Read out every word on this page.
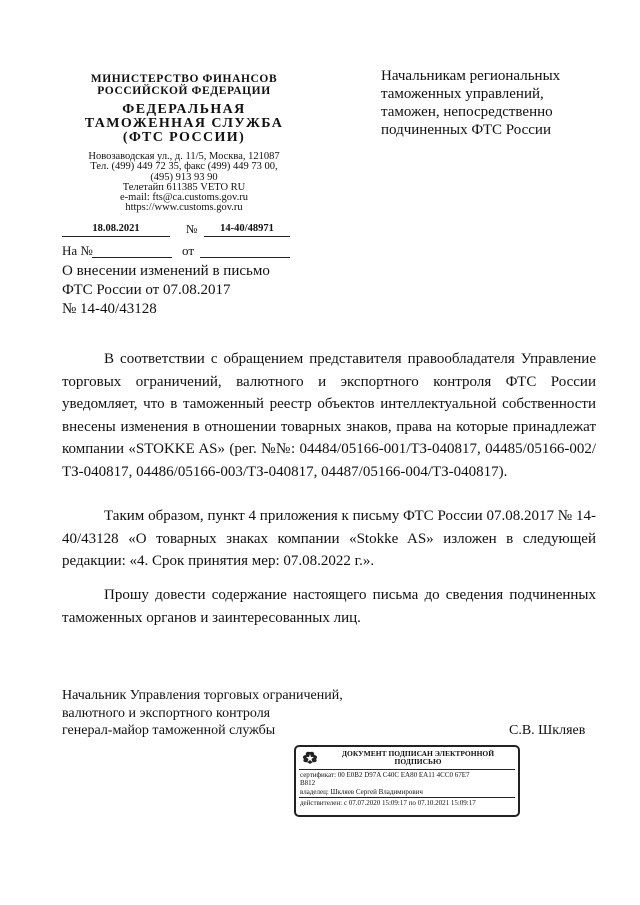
МИНИСТЕРСТВО ФИНАНСОВ
РОССИЙСКОЙ ФЕДЕРАЦИИ
ФЕДЕРАЛЬНАЯ
ТАМОЖЕННАЯ СЛУЖБА
(ФТС РОССИИ)
Новозаводская ул., д. 11/5, Москва, 121087
Тел. (499) 449 72 35, факс (499) 449 73 00,
(495) 913 93 90
Телетайп 611385 VETO RU
e-mail: fts@ca.customs.gov.ru
https://www.customs.gov.ru
18.08.2021	№	14-40/48971
На №	от
О внесении изменений в письмо
ФТС России от 07.08.2017
№ 14-40/43128
Начальникам региональных
таможенных управлений,
таможен, непосредственно
подчиненных ФТС России
В соответствии с обращением представителя правообладателя Управление торговых ограничений, валютного и экспортного контроля ФТС России уведомляет, что в таможенный реестр объектов интеллектуальной собственности внесены изменения в отношении товарных знаков, права на которые принадлежат компании «STOKKE AS» (рег. №№: 04484/05166-001/ТЗ-040817, 04485/05166-002/ТЗ-040817, 04486/05166-003/ТЗ-040817, 04487/05166-004/ТЗ-040817).
Таким образом, пункт 4 приложения к письму ФТС России 07.08.2017 № 14-40/43128 «О товарных знаках компании «Stokke AS» изложен в следующей редакции: «4. Срок принятия мер: 07.08.2022 г.».
Прошу довести содержание настоящего письма до сведения подчиненных таможенных органов и заинтересованных лиц.
Начальник Управления торговых ограничений,
валютного и экспортного контроля
генерал-майор таможенной службы	С.В. Шкляев
ДОКУМЕНТ ПОДПИСАН ЭЛЕКТРОННОЙ
ПОДПИСЬЮ
сертификат: 00 E0B2 D97A C40C EA80 EA11 4CC0 67E7
B812
владелец: Шкляев Сергей Владимирович
действителен: с 07.07.2020 15:09:17 по 07.10.2021 15:09:17
